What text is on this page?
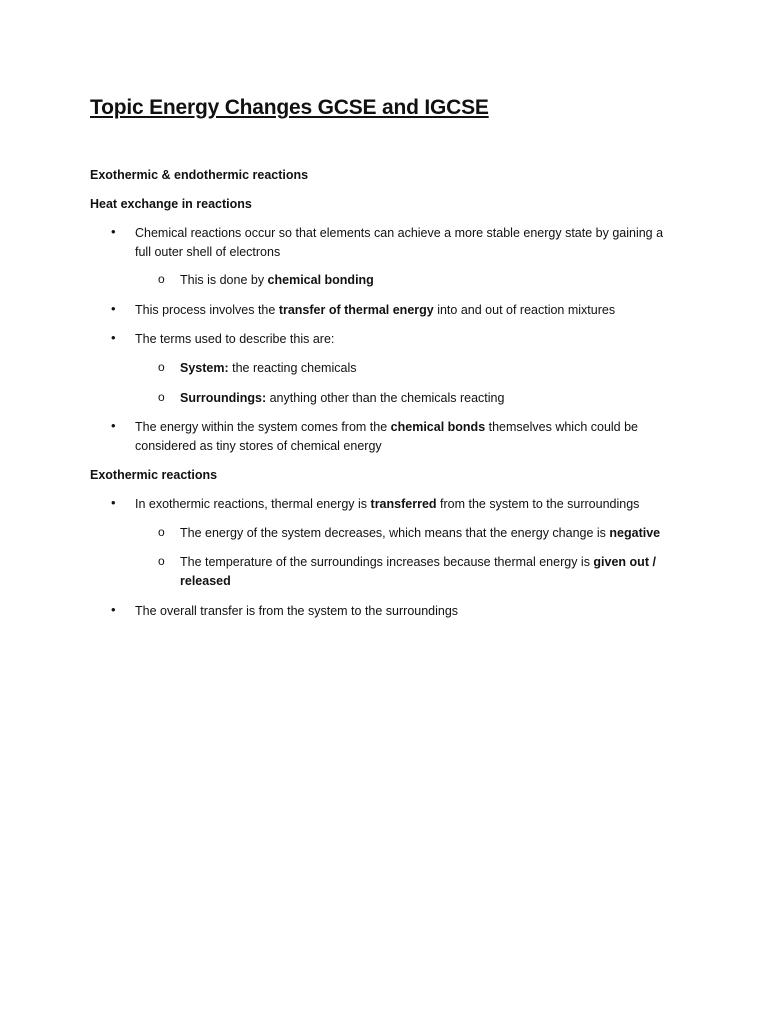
Topic Energy Changes GCSE and IGCSE
Exothermic & endothermic reactions
Heat exchange in reactions
• Chemical reactions occur so that elements can achieve a more stable energy state by gaining a full outer shell of electrons
o This is done by chemical bonding
• This process involves the transfer of thermal energy into and out of reaction mixtures
• The terms used to describe this are:
o System: the reacting chemicals
o Surroundings: anything other than the chemicals reacting
• The energy within the system comes from the chemical bonds themselves which could be considered as tiny stores of chemical energy
Exothermic reactions
• In exothermic reactions, thermal energy is transferred from the system to the surroundings
o The energy of the system decreases, which means that the energy change is negative
o The temperature of the surroundings increases because thermal energy is given out / released
• The overall transfer is from the system to the surroundings
